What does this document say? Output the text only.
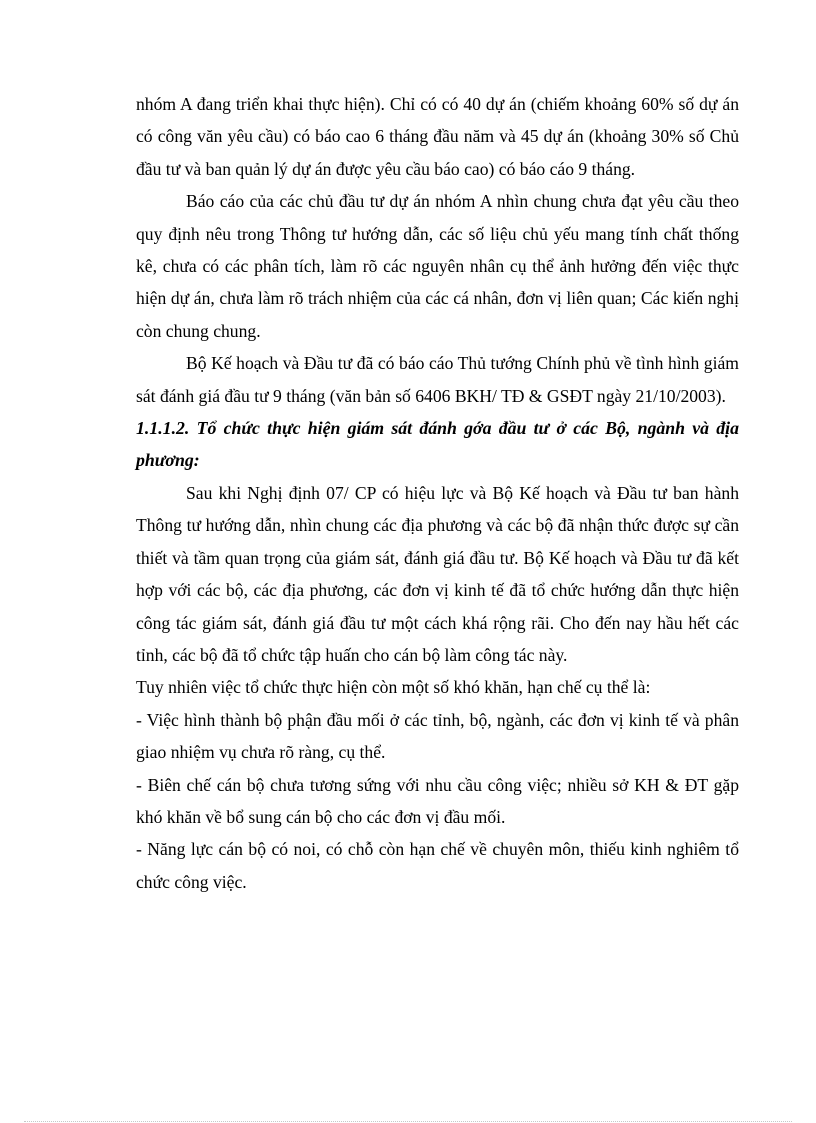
nhóm A đang triển khai thực hiện). Chỉ có có 40 dự án (chiếm khoảng 60% số dự án có công văn yêu cầu) có báo cao 6 tháng đầu năm và 45 dự án (khoảng 30% số Chủ đầu tư và ban quản lý dự án được yêu cầu báo cao) có báo cáo 9 tháng.

Báo cáo của các chủ đầu tư dự án nhóm A nhìn chung chưa đạt yêu cầu theo quy định nêu trong Thông tư hướng dẫn, các số liệu chủ yếu mang tính chất thống kê, chưa có các phân tích, làm rõ các nguyên nhân cụ thể ảnh hưởng đến việc thực hiện dự án, chưa làm rõ trách nhiệm của các cá nhân, đơn vị liên quan; Các kiến nghị còn chung chung.

Bộ Kế hoạch và Đầu tư đã có báo cáo Thủ tướng Chính phủ về tình hình giám sát đánh giá đầu tư 9 tháng (văn bản số 6406 BKH/ TĐ & GSĐT ngày 21/10/2003).

1.1.1.2. Tổ chức thực hiện giám sát đánh gớa đầu tư ở các Bộ, ngành và địa phương:

Sau khi Nghị định 07/ CP có hiệu lực và Bộ Kế hoạch và Đầu tư ban hành Thông tư hướng dẫn, nhìn chung các địa phương và các bộ đã nhận thức được sự cần thiết và tầm quan trọng của giám sát, đánh giá đầu tư. Bộ Kế hoạch và Đầu tư đã kết hợp với các bộ, các địa phương, các đơn vị kinh tế đã tổ chức hướng dẫn thực hiện công tác giám sát, đánh giá đầu tư một cách khá rộng rãi. Cho đến nay hầu hết các tỉnh, các bộ đã tổ chức tập huấn cho cán bộ làm công tác này.

Tuy nhiên việc tổ chức thực hiện còn một số khó khăn, hạn chế cụ thể là:

- Việc hình thành bộ phận đầu mối ở các tỉnh, bộ, ngành, các đơn vị kinh tế và phân giao nhiệm vụ chưa rõ ràng, cụ thể.

- Biên chế cán bộ chưa tương sứng với nhu cầu công việc; nhiều sở KH & ĐT gặp khó khăn về bổ sung cán bộ cho các đơn vị đầu mối.

- Năng lực cán bộ có noi, có chỗ còn hạn chế về chuyên môn, thiếu kinh nghiêm tổ chức công việc.
